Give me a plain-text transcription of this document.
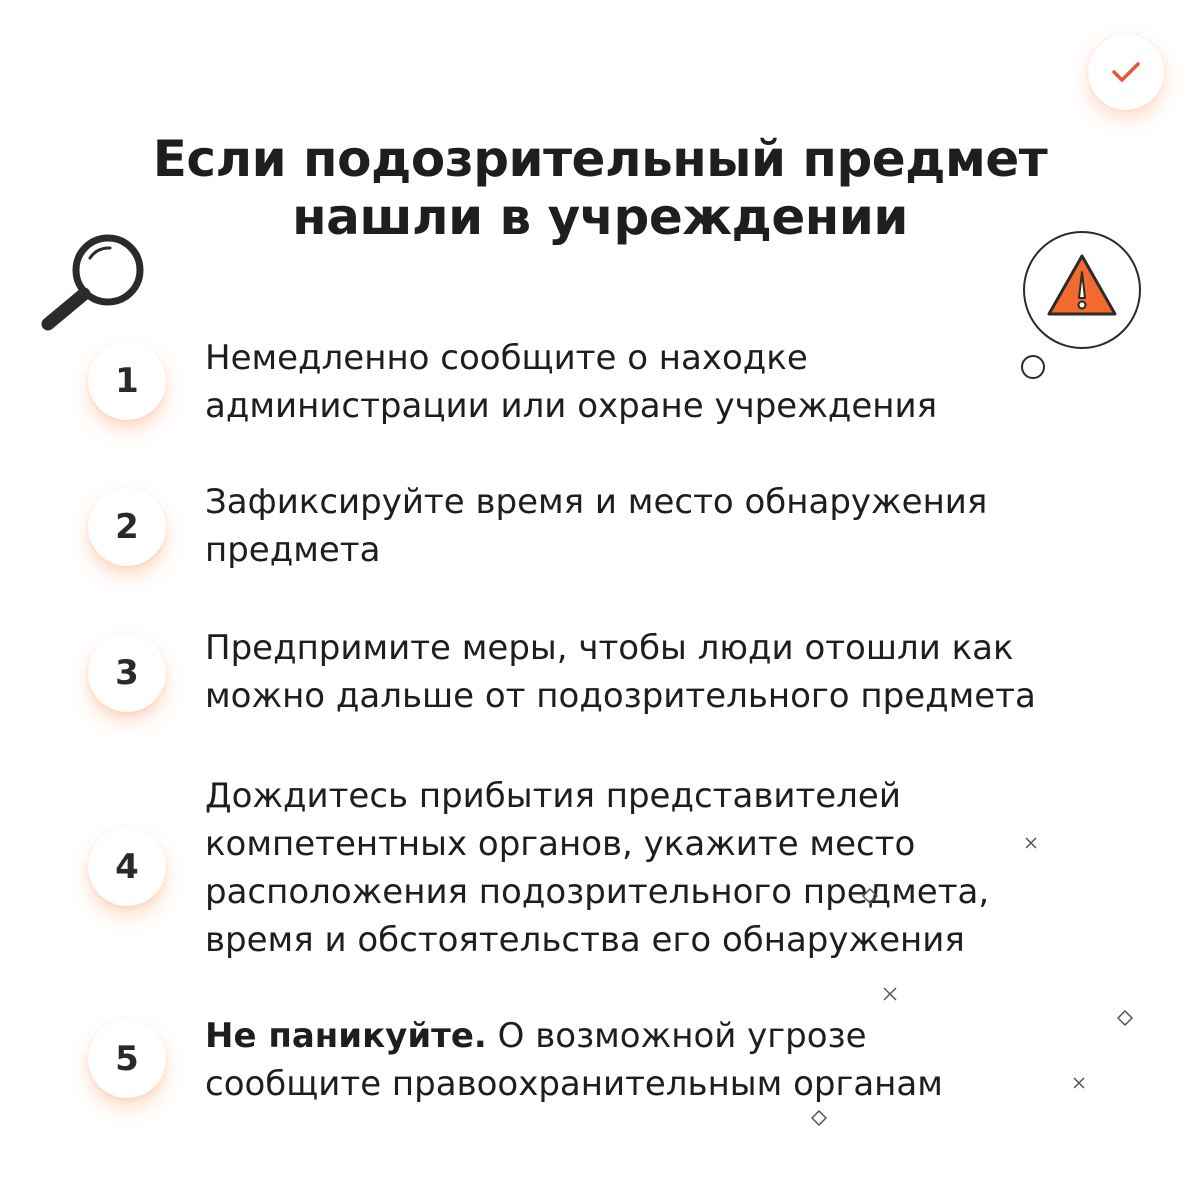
Если подозрительный предмет
нашли в учреждении
1
Немедленно сообщите о находке
администрации или охране учреждения
2
Зафиксируйте время и место обнаружения
предмета
3
Предпримите меры, чтобы люди отошли как
можно дальше от подозрительного предмета
4
Дождитесь прибытия представителей
компетентных органов, укажите место
расположения подозрительного предмета,
время и обстоятельства его обнаружения
5
Не паникуйте. О возможной угрозе
сообщите правоохранительным органам
